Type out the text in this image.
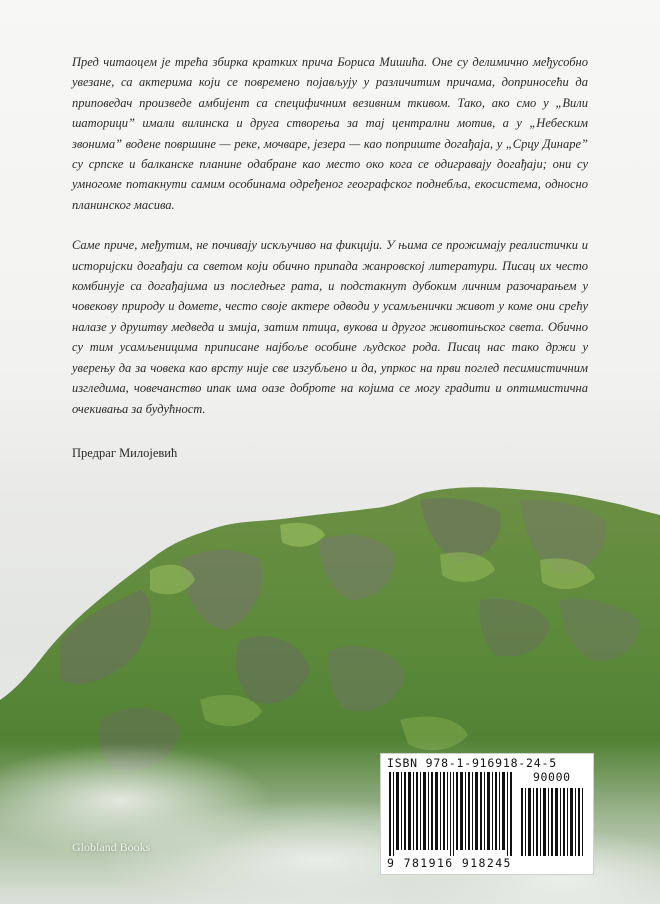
Пред читаоцем је трећа збирка кратких прича Бориса Мишића. Оне су делимично међусобно увезане, са актерима који се повремено појављују у различитим причама, доприносећи да приповедач произведе амбијент са специфичним везивним ткивом. Тако, ако смо у „Вили шаторици” имали вилинска и друга створења за тај централни мотив, а у „Небеским звонима” водене површине — реке, мочваре, језера — као поприште догађаја, у „Срцу Динаре” су српске и балканске планине одабране као место око кога се одигравају догађаји; они су умногоме потакнути самим особинама одређеног географског поднебља, екосистема, односно планинског масива.

Саме приче, међутим, не почивају искључиво на фикцији. У њима се прожимају реалистички и историјски догађаји са светом који обично припада жанровској литератури. Писац их често комбинује са догађајима из последњег рата, и подстакнут дубоким личним разочарањем у човекову природу и домете, често своје актере одводи у усамљенички живот у коме они срећу налазе у друштву медведа и змија, затим птица, вукова и другог животињског света. Обично су тим усамљеницима приписане најбоље особине људског рода. Писац нас тако држи у уверењу да за човека као врсту није све изгубљено и да, упркос на први поглед песимистичним изгледима, човечанство ипак има оазе доброте на којима се могу градити и оптимистична очекивања за будућност.

Предраг Милојевић
Globland Books
ISBN 978-1-916918-24-5
90000
9 781916 918245
